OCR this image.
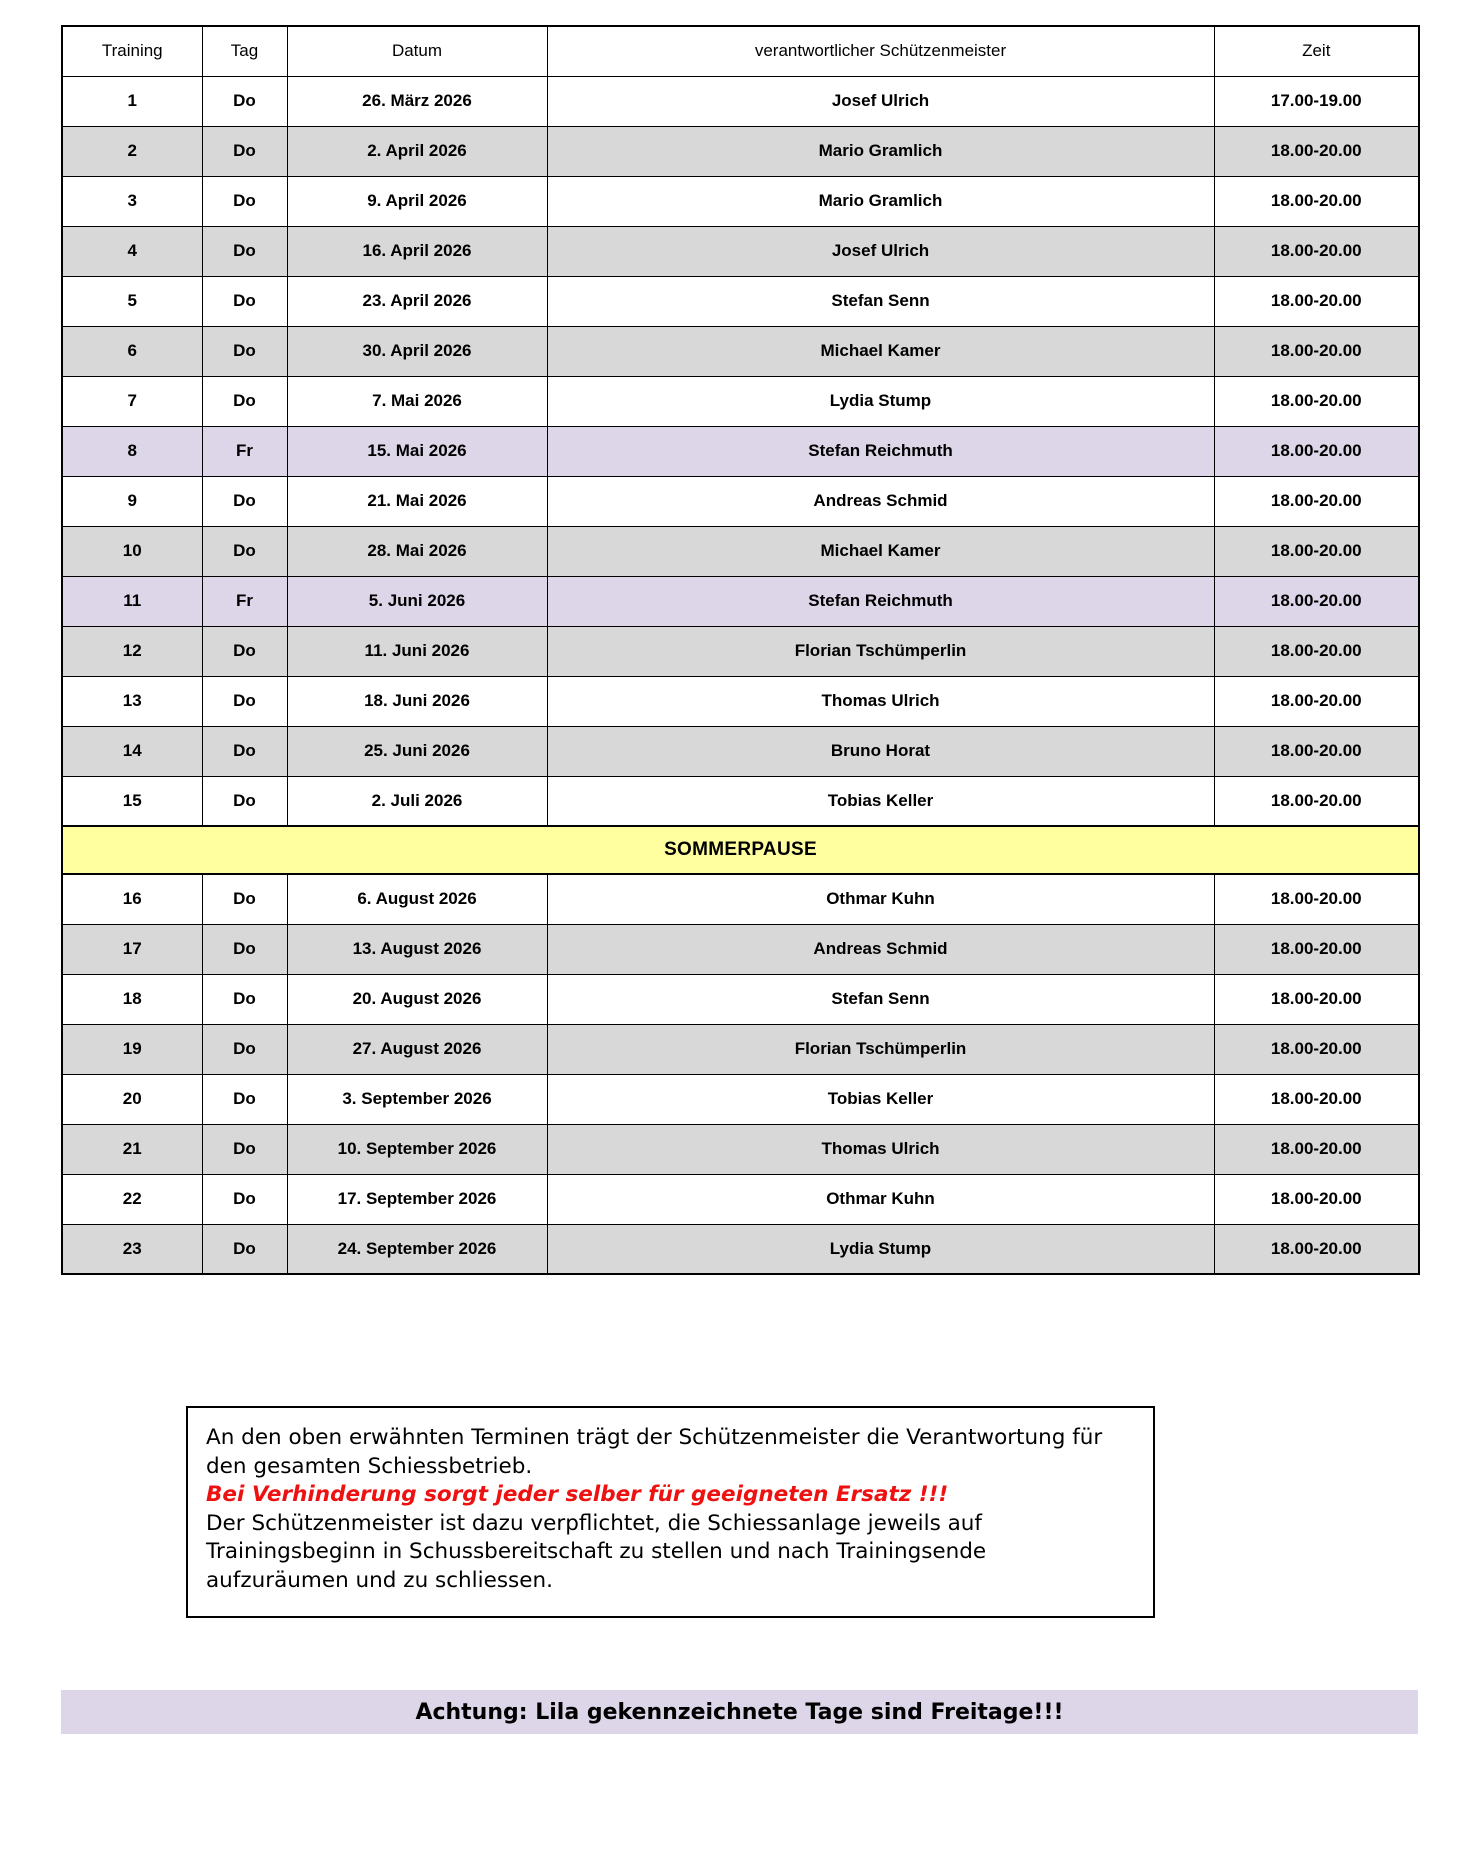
Training	Tag	Datum	verantwortlicher Schützenmeister	Zeit
1	Do	26. März 2026	Josef Ulrich	17.00-19.00
2	Do	2. April 2026	Mario Gramlich	18.00-20.00
3	Do	9. April 2026	Mario Gramlich	18.00-20.00
4	Do	16. April 2026	Josef Ulrich	18.00-20.00
5	Do	23. April 2026	Stefan Senn	18.00-20.00
6	Do	30. April 2026	Michael Kamer	18.00-20.00
7	Do	7. Mai 2026	Lydia Stump	18.00-20.00
8	Fr	15. Mai 2026	Stefan Reichmuth	18.00-20.00
9	Do	21. Mai 2026	Andreas Schmid	18.00-20.00
10	Do	28. Mai 2026	Michael Kamer	18.00-20.00
11	Fr	5. Juni 2026	Stefan Reichmuth	18.00-20.00
12	Do	11. Juni 2026	Florian Tschümperlin	18.00-20.00
13	Do	18. Juni 2026	Thomas Ulrich	18.00-20.00
14	Do	25. Juni 2026	Bruno Horat	18.00-20.00
15	Do	2. Juli 2026	Tobias Keller	18.00-20.00
SOMMERPAUSE				
16	Do	6. August 2026	Othmar Kuhn	18.00-20.00
17	Do	13. August 2026	Andreas Schmid	18.00-20.00
18	Do	20. August 2026	Stefan Senn	18.00-20.00
19	Do	27. August 2026	Florian Tschümperlin	18.00-20.00
20	Do	3. September 2026	Tobias Keller	18.00-20.00
21	Do	10. September 2026	Thomas Ulrich	18.00-20.00
22	Do	17. September 2026	Othmar Kuhn	18.00-20.00
23	Do	24. September 2026	Lydia Stump	18.00-20.00

An den oben erwähnten Terminen trägt der Schützenmeister die Verantwortung für den gesamten Schiessbetrieb.

Bei Verhinderung sorgt jeder selber für geeigneten Ersatz !!!

Der Schützenmeister ist dazu verpflichtet, die Schiessanlage jeweils auf Trainingsbeginn in Schussbereitschaft zu stellen und nach Trainingsende aufzuräumen und zu schliessen.

Achtung: Lila gekennzeichnete Tage sind Freitage!!!
